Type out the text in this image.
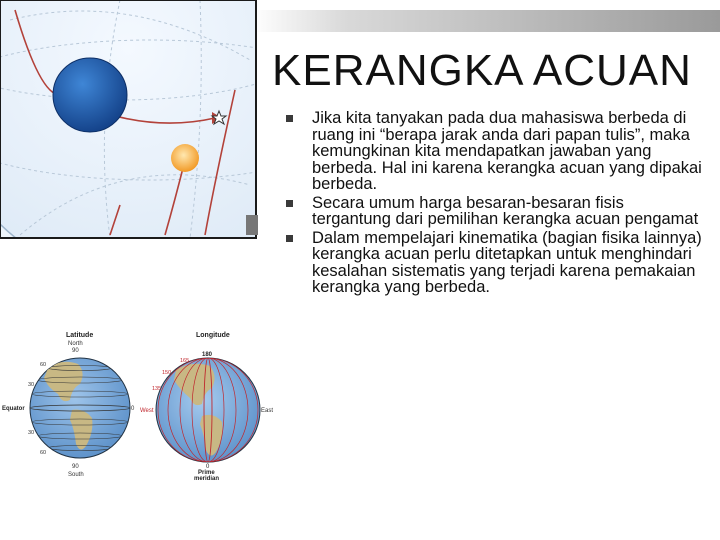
KERANGKA ACUAN
Jika kita tanyakan pada dua mahasiswa berbeda di ruang ini “berapa jarak anda dari papan tulis”, maka kemungkinan kita mendapatkan jawaban yang berbeda. Hal ini karena kerangka acuan yang dipakai berbeda.
Secara umum harga besaran-besaran fisis tergantung dari pemilihan kerangka acuan pengamat
Dalam mempelajari kinematika (bagian fisika lainnya) kerangka acuan perlu ditetapkan untuk menghindari kesalahan sistematis yang terjadi karena pemakaian kerangka yang berbeda.
Latitude
North
90
60
30
Equator	0
30
60
90
South
Longitude
180
165
150
135
West	East
0
Prime
meridian
